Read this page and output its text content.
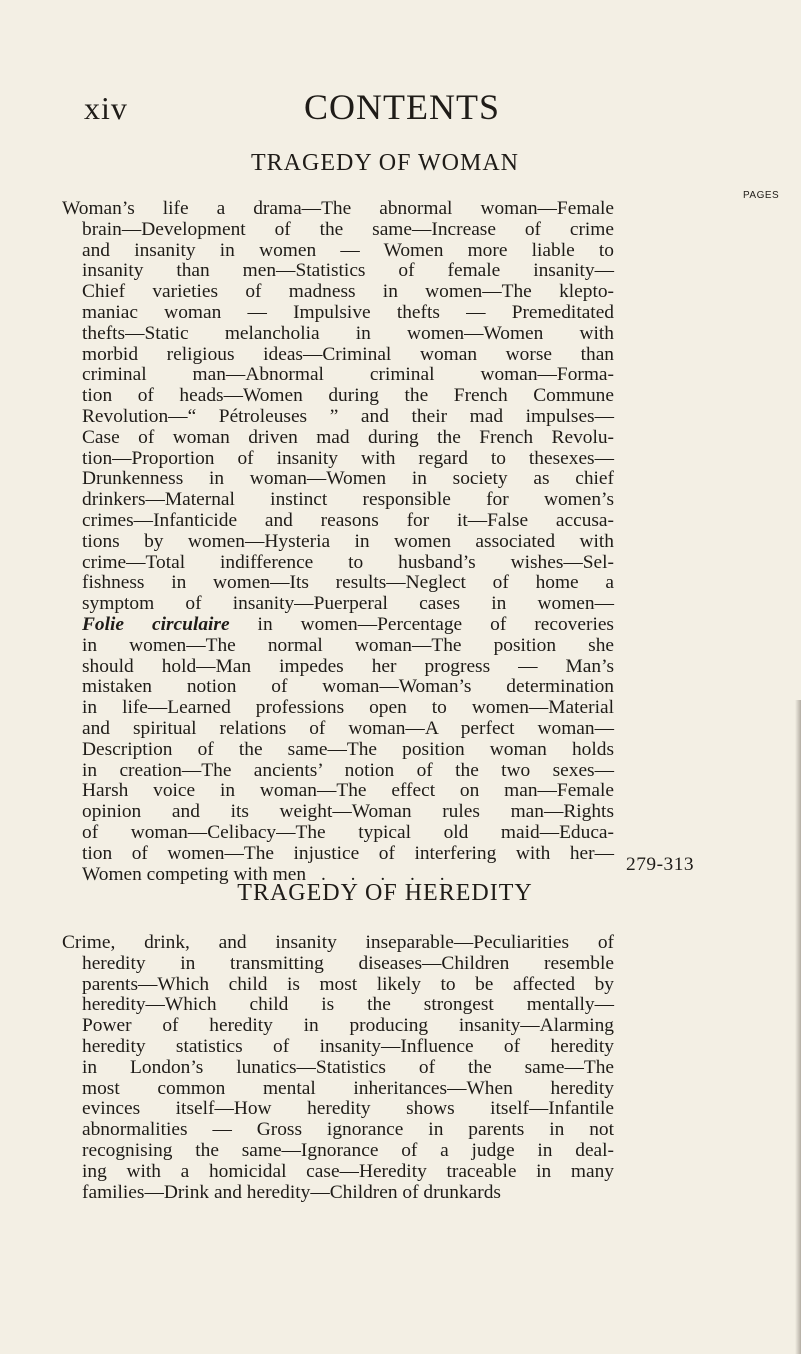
xiv	CONTENTS
TRAGEDY OF WOMAN
PAGES
Woman’s life a drama—The abnormal woman—Female
brain—Development of the same—Increase of crime
and insanity in women — Women more liable to
insanity than men—Statistics of female insanity—
Chief varieties of madness in women—The klepto-
maniac woman — Impulsive thefts — Premeditated
thefts—Static melancholia in women—Women with
morbid religious ideas—Criminal woman worse than
criminal man—Abnormal criminal woman—Forma-
tion of heads—Women during the French Commune
Revolution—“ Pétroleuses ” and their mad impulses—
Case of woman driven mad during the French Revolu-
tion—Proportion of insanity with regard to thesexes—
Drunkenness in woman—Women in society as chief
drinkers—Maternal instinct responsible for women’s
crimes—Infanticide and reasons for it—False accusa-
tions by women—Hysteria in women associated with
crime—Total indifference to husband’s wishes—Sel-
fishness in women—Its results—Neglect of home a
symptom of insanity—Puerperal cases in women—
Folie circulaire in women—Percentage of recoveries
in women—The normal woman—The position she
should hold—Man impedes her progress — Man’s
mistaken notion of woman—Woman’s determination
in life—Learned professions open to women—Material
and spiritual relations of woman—A perfect woman—
Description of the same—The position woman holds
in creation—The ancients’ notion of the two sexes—
Harsh voice in woman—The effect on man—Female
opinion and its weight—Woman rules man—Rights
of woman—Celibacy—The typical old maid—Educa-
tion of women—The injustice of interfering with her—
Women competing with men . . . . .	279-313
TRAGEDY OF HEREDITY
Crime, drink, and insanity inseparable—Peculiarities of
heredity in transmitting diseases—Children resemble
parents—Which child is most likely to be affected by
heredity—Which child is the strongest mentally—
Power of heredity in producing insanity—Alarming
heredity statistics of insanity—Influence of heredity
in London’s lunatics—Statistics of the same—The
most common mental inheritances—When heredity
evinces itself—How heredity shows itself—Infantile
abnormalities — Gross ignorance in parents in not
recognising the same—Ignorance of a judge in deal-
ing with a homicidal case—Heredity traceable in many
families—Drink and heredity—Children of drunkards
